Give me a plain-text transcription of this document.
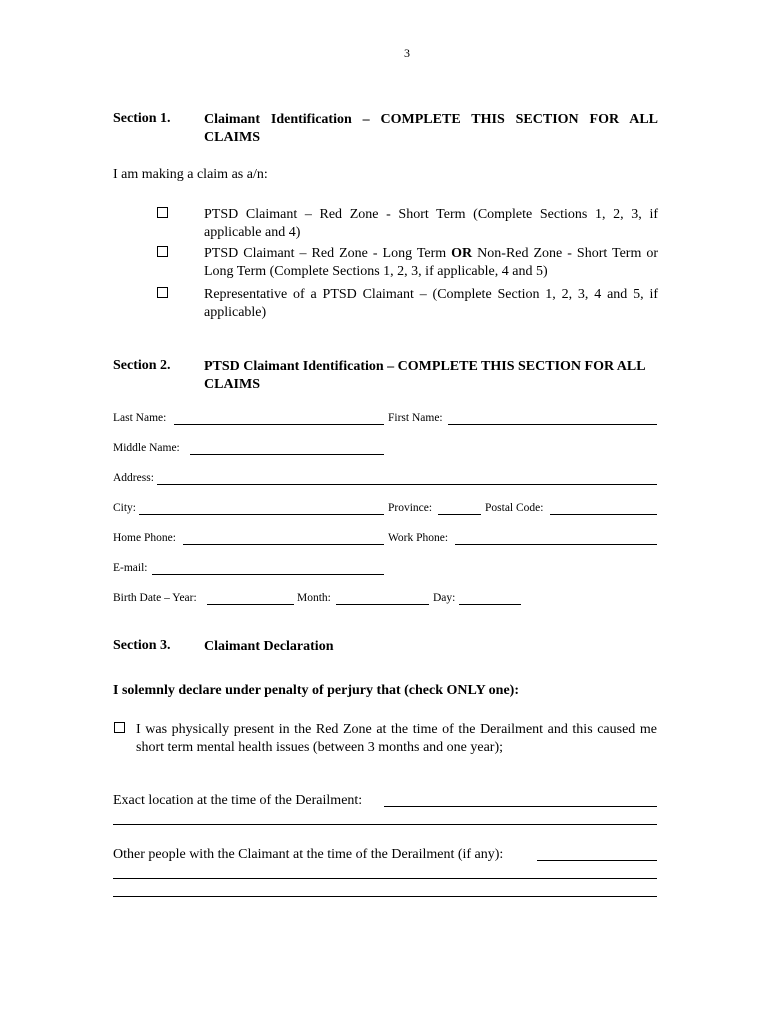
3
Section 1. Claimant Identification – COMPLETE THIS SECTION FOR ALL CLAIMS
I am making a claim as a/n:
PTSD Claimant – Red Zone - Short Term (Complete Sections 1, 2, 3, if applicable and 4)
PTSD Claimant – Red Zone - Long Term OR Non-Red Zone - Short Term or Long Term (Complete Sections 1, 2, 3, if applicable, 4 and 5)
Representative of a PTSD Claimant – (Complete Section 1, 2, 3, 4 and 5, if applicable)
Section 2. PTSD Claimant Identification – COMPLETE THIS SECTION FOR ALL CLAIMS
Last Name:	First Name:
Middle Name:
Address:
City:	Province:	Postal Code:
Home Phone:	Work Phone:
E-mail:
Birth Date – Year:	Month:	Day:
Section 3. Claimant Declaration
I solemnly declare under penalty of perjury that (check ONLY one):
I was physically present in the Red Zone at the time of the Derailment and this caused me short term mental health issues (between 3 months and one year);
Exact location at the time of the Derailment:
Other people with the Claimant at the time of the Derailment (if any):
